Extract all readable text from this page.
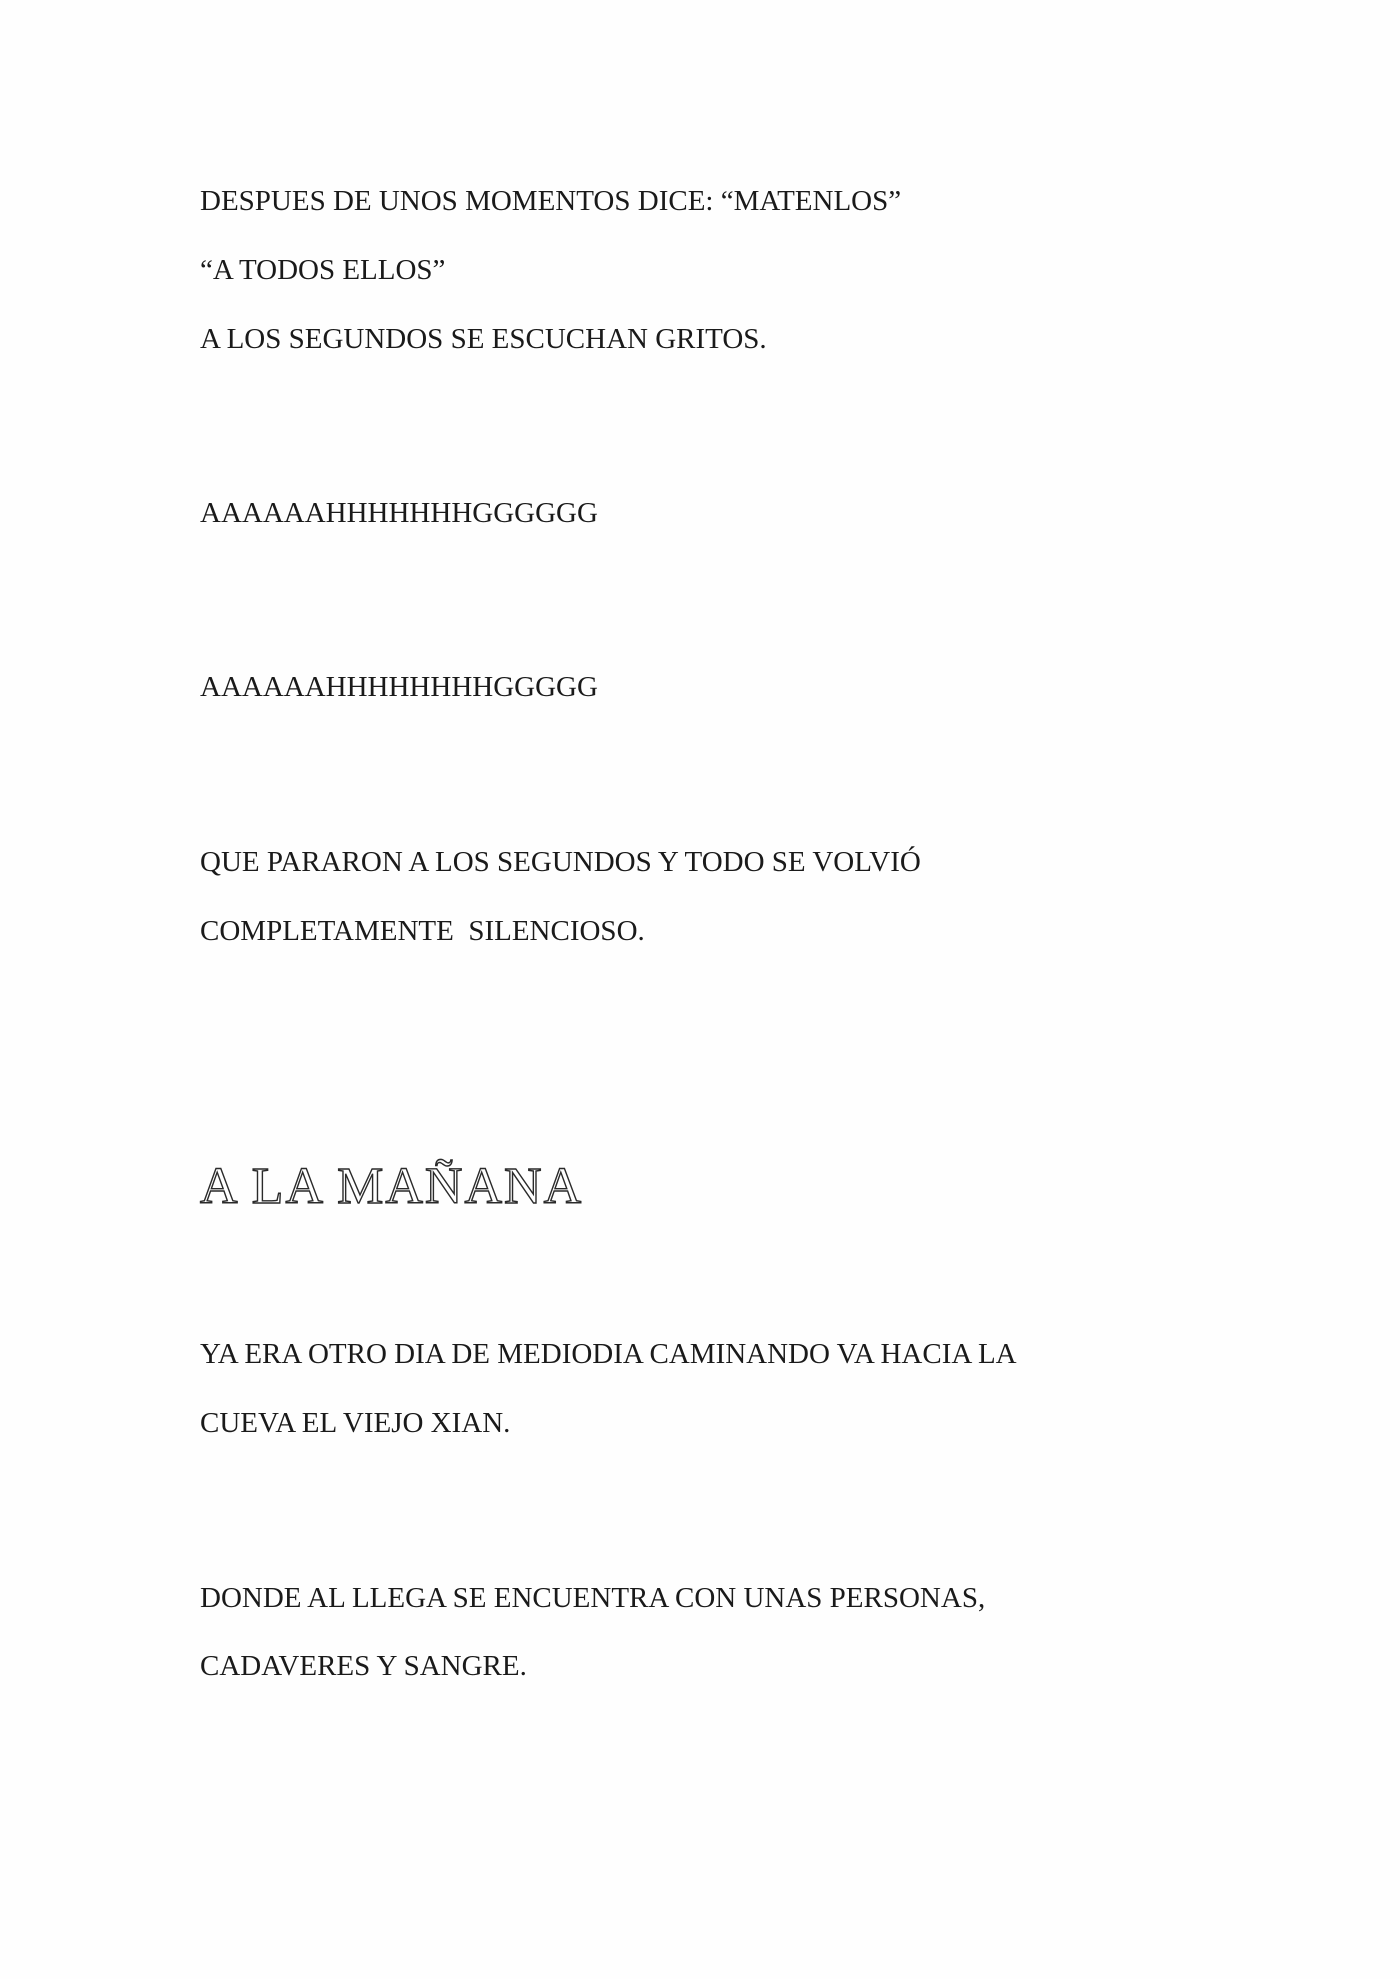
DESPUES DE UNOS MOMENTOS DICE: “MATENLOS”

“A TODOS ELLOS”

A LOS SEGUNDOS SE ESCUCHAN GRITOS.

AAAAAAHHHHHHHGGGGGG

AAAAAAHHHHHHHHGGGGG

QUE PARARON A LOS SEGUNDOS Y TODO SE VOLVIÓ

COMPLETAMENTE  SILENCIOSO.

A LA MAÑANA

YA ERA OTRO DIA DE MEDIODIA CAMINANDO VA HACIA LA

CUEVA EL VIEJO XIAN.

DONDE AL LLEGA SE ENCUENTRA CON UNAS PERSONAS,

CADAVERES Y SANGRE.
